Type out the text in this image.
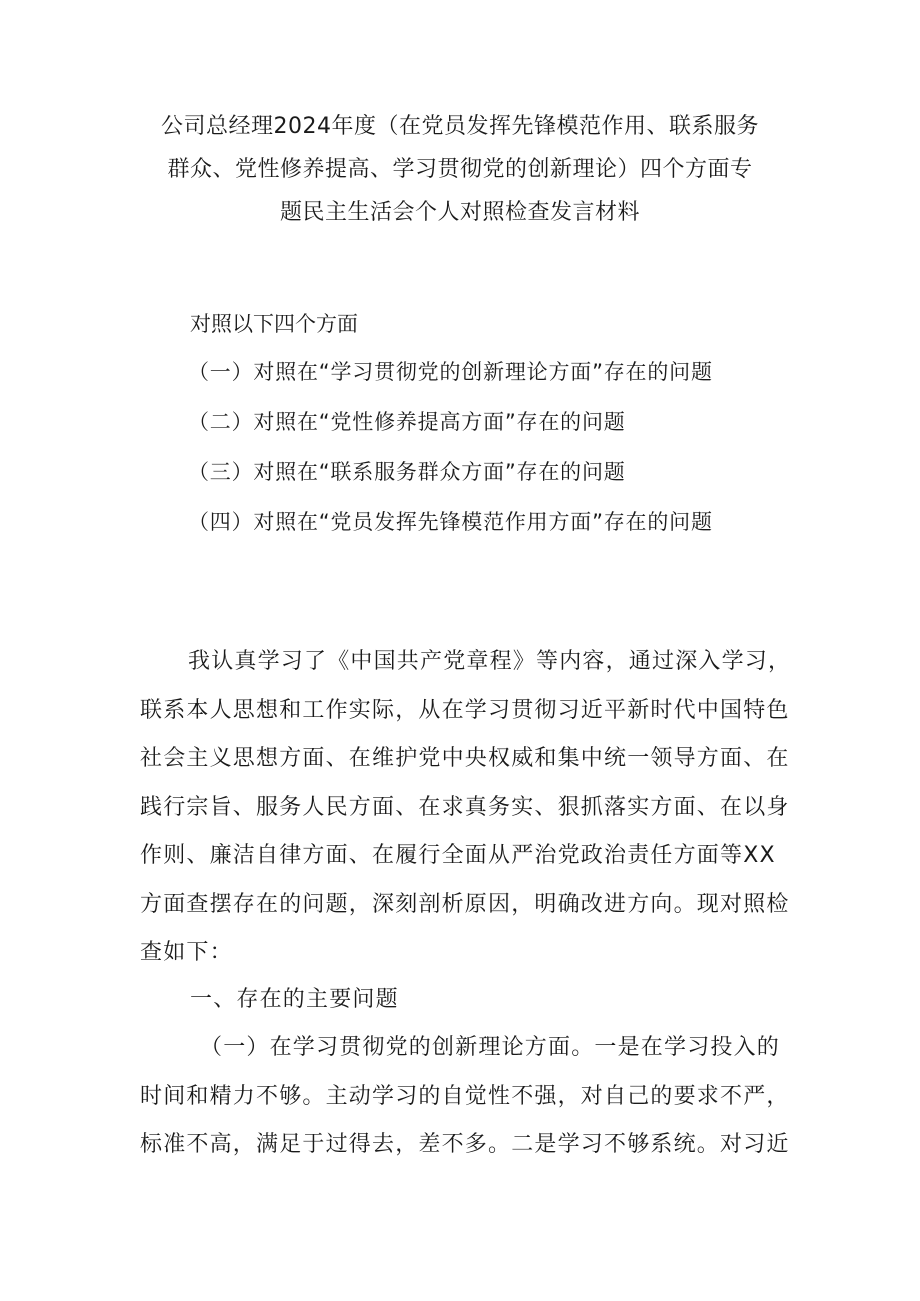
公司总经理2024年度（在党员发挥先锋模范作用、联系服务
群众、党性修养提高、学习贯彻党的创新理论）四个方面专
题民主生活会个人对照检查发言材料
对照以下四个方面
（一）对照在“学习贯彻党的创新理论方面”存在的问题
（二）对照在“党性修养提高方面”存在的问题
（三）对照在“联系服务群众方面”存在的问题
（四）对照在“党员发挥先锋模范作用方面”存在的问题
我认真学习了《中国共产党章程》等内容，通过深入学习，
联系本人思想和工作实际，从在学习贯彻习近平新时代中国特色
社会主义思想方面、在维护党中央权威和集中统一领导方面、在
践行宗旨、服务人民方面、在求真务实、狠抓落实方面、在以身
作则、廉洁自律方面、在履行全面从严治党政治责任方面等XX
方面查摆存在的问题，深刻剖析原因，明确改进方向。现对照检
查如下：
一、存在的主要问题
（一）在学习贯彻党的创新理论方面。一是在学习投入的
时间和精力不够。主动学习的自觉性不强，对自己的要求不严，
标准不高，满足于过得去，差不多。二是学习不够系统。对习近
